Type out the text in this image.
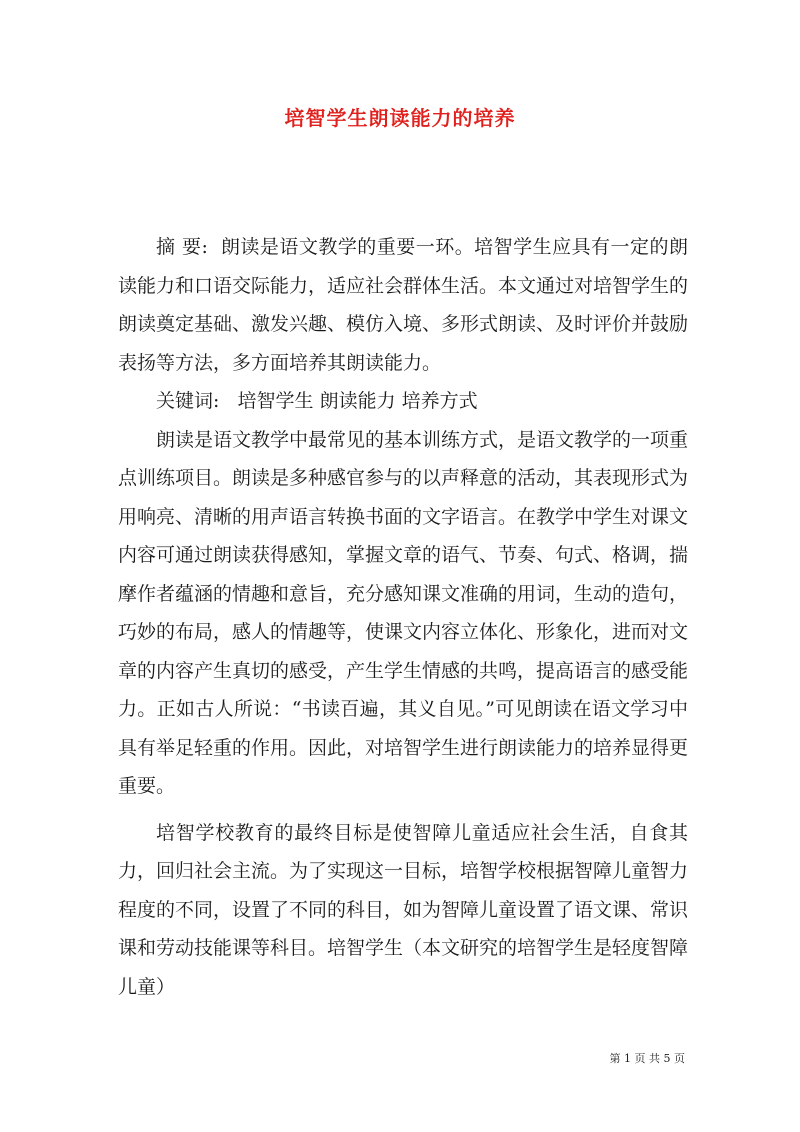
培智学生朗读能力的培养

摘 要: 朗读是语文教学的重要一环。培智学生应具有一定的朗读能力和口语交际能力，适应社会群体生活。本文通过对培智学生的朗读奠定基础、激发兴趣、模仿入境、多形式朗读、及时评价并鼓励表扬等方法，多方面培养其朗读能力。

关键词: 培智学生 朗读能力 培养方式

朗读是语文教学中最常见的基本训练方式，是语文教学的一项重点训练项目。朗读是多种感官参与的以声释意的活动，其表现形式为用响亮、清晰的用声语言转换书面的文字语言。在教学中学生对课文内容可通过朗读获得感知，掌握文章的语气、节奏、句式、格调，揣摩作者蕴涵的情趣和意旨，充分感知课文准确的用词，生动的造句，巧妙的布局，感人的情趣等，使课文内容立体化、形象化，进而对文章的内容产生真切的感受，产生学生情感的共鸣，提高语言的感受能力。正如古人所说：“书读百遍，其义自见。”可见朗读在语文学习中具有举足轻重的作用。因此，对培智学生进行朗读能力的培养显得更重要。

培智学校教育的最终目标是使智障儿童适应社会生活，自食其力，回归社会主流。为了实现这一目标，培智学校根据智障儿童智力程度的不同，设置了不同的科目，如为智障儿童设置了语文课、常识课和劳动技能课等科目。培智学生（本文研究的培智学生是轻度智障儿童）

第 1 页 共 5 页
